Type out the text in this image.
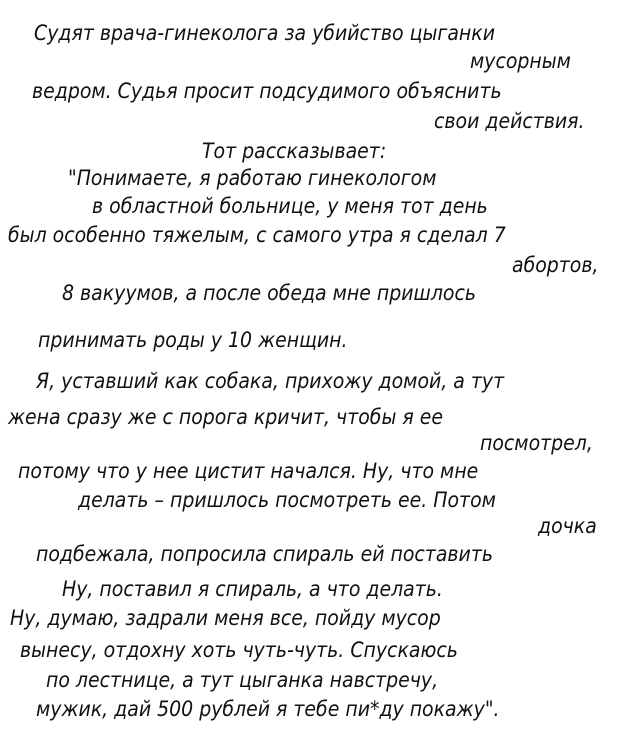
Судят врача-гинеколога за убийство цыганки
мусорным
ведром. Судья просит подсудимого объяснить
свои действия.
Тот рассказывает:
"Понимаете, я работаю гинекологом
в областной больнице, у меня тот день
был особенно тяжелым, с самого утра я сделал 7
абортов,
8 вакуумов, а после обеда мне пришлось
принимать роды у 10 женщин.
Я, уставший как собака, прихожу домой, а тут
жена сразу же с порога кричит, чтобы я ее
посмотрел,
потому что у нее цистит начался. Ну, что мне
делать – пришлось посмотреть ее. Потом
дочка
подбежала, попросила спираль ей поставить
Ну, поставил я спираль, а что делать.
Ну, думаю, задрали меня все, пойду мусор
вынесу, отдохну хоть чуть-чуть. Спускаюсь
по лестнице, а тут цыганка навстречу,
мужик, дай 500 рублей я тебе пи*ду покажу".
